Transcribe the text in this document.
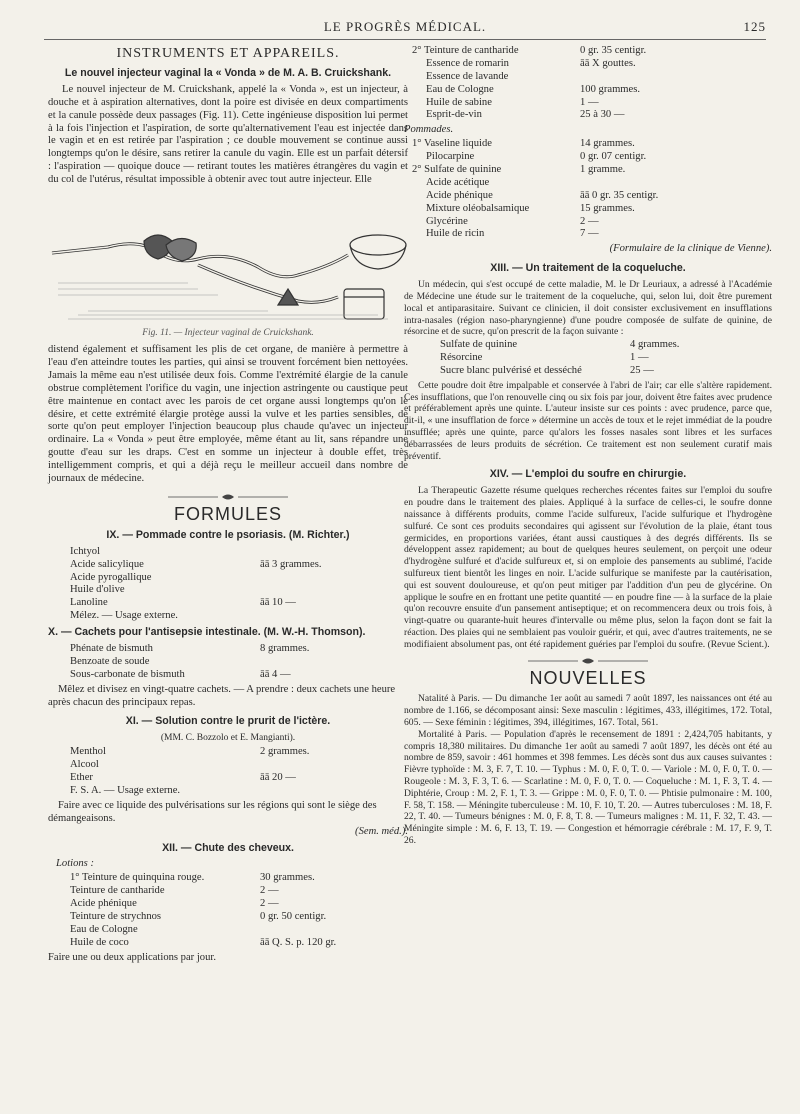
LE PROGRÈS MÉDICAL.	125
INSTRUMENTS ET APPAREILS.
Le nouvel injecteur vaginal la « Vonda » de M. A. B. Cruickshank.

Le nouvel injecteur de M. Cruickshank, appelé la « Vonda », est un injecteur, à douche et à aspiration alternatives, dont la poire est divisée en deux compartiments et la canule possède deux passages (Fig. 11). Cette ingénieuse disposition lui permet à la fois l'injection et l'aspiration, de sorte qu'alternativement l'eau est injectée dans le vagin et en est retirée par l'aspiration ; ce double mouvement se continue aussi longtemps qu'on le désire, sans retirer la canule du vagin. Elle est un parfait détersif : l'aspiration — quoique douce — retirant toutes les matières étrangères du vagin et du col de l'utérus, résultat impossible à obtenir avec tout autre injecteur. Elle

Fig. 11. — Injecteur vaginal de Cruickshank.

distend également et suffisament les plis de cet organe, de manière à permettre à l'eau d'en atteindre toutes les parties, qui ainsi se trouvent forcément bien nettoyées. Jamais la même eau n'est utilisée deux fois. Comme l'extrémité élargie de la canule obstrue complètement l'orifice du vagin, une injection astringente ou caustique peut être maintenue en contact avec les parois de cet organe aussi longtemps qu'on le désire, et cette extrémité élargie protège aussi la vulve et les parties sensibles, de sorte qu'on peut employer l'injection beaucoup plus chaude qu'avec un injecteur ordinaire. La « Vonda » peut être employée, même étant au lit, sans répandre une goutte d'eau sur les draps. C'est en somme un injecteur à double effet, très intelligemment compris, et qui a déjà reçu le meilleur accueil dans nombre de journaux de médecine.

FORMULES
IX. — Pommade contre le psoriasis. (M. Richter.)
Ichtyol
Acide salicylique	āā 3 grammes.
Acide pyrogallique
Huile d'olive
Lanoline	āā 10 —
Mélez. — Usage externe.
X. — Cachets pour l'antisepsie intestinale. (M. W.-H. Thomson).
Phénate de bismuth	8 grammes.
Benzoate de soude
Sous-carbonate de bismuth	āā 4 —

Mêlez et divisez en vingt-quatre cachets. — A prendre : deux cachets une heure après chacun des principaux repas.

XI. — Solution contre le prurit de l'ictère.
(MM. C. Bozzolo et E. Mangianti).
Menthol	2 grammes.
Alcool
Ether	āā 20 —
F. S. A. — Usage externe.

Faire avec ce liquide des pulvérisations sur les régions qui sont le siège des démangeaisons.

(Sem. méd.).
XII. — Chute des cheveux.
Lotions :
1° Teinture de quinquina rouge.	30 grammes.
Teinture de cantharide	2 —
Acide phénique	2 —
Teinture de strychnos	0 gr. 50 centigr.
Eau de Cologne
Huile de coco	āā Q. S. p. 120 gr.

Faire une ou deux applications par jour.

2° Teinture de cantharide	0 gr. 35 centigr.
Essence de romarin	āā X gouttes.
Essence de lavande
Eau de Cologne	100 grammes.
Huile de sabine	1 —
Esprit-de-vin	25 à 30 —
Pommades.
1° Vaseline liquide	14 grammes.
Pilocarpine	0 gr. 07 centigr.
2° Sulfate de quinine	1 gramme.
Acide acétique
Acide phénique	āā 0 gr. 35 centigr.
Mixture oléobalsamique	15 grammes.
Glycérine	2 —
Huile de ricin	7 —
(Formulaire de la clinique de Vienne).
XIII. — Un traitement de la coqueluche.

Un médecin, qui s'est occupé de cette maladie, M. le Dr Leuriaux, a adressé à l'Académie de Médecine une étude sur le traitement de la coqueluche, qui, selon lui, doit être purement local et antiparasitaire. Suivant ce clinicien, il doit consister exclusivement en insufflations intra-nasales (région naso-pharyngienne) d'une poudre composée de sulfate de quinine, de résorcine et de sucre, qu'on prescrit de la façon suivante :

Sulfate de quinine	4 grammes.
Résorcine	1 —
Sucre blanc pulvérisé et desséché	25 —

Cette poudre doit être impalpable et conservée à l'abri de l'air; car elle s'altère rapidement. Ces insufflations, que l'on renouvelle cinq ou six fois par jour, doivent être faites avec prudence et préférablement après une quinte. L'auteur insiste sur ces points : avec prudence, parce que, dit-il, « une insufflation de force » détermine un accès de toux et le rejet immédiat de la poudre insufflée; après une quinte, parce qu'alors les fosses nasales sont libres et les surfaces débarrassées de leurs produits de sécrétion. Ce traitement est non seulement curatif mais préventif.

XIV. — L'emploi du soufre en chirurgie.

La Therapeutic Gazette résume quelques recherches récentes faites sur l'emploi du soufre en poudre dans le traitement des plaies. Appliqué à la surface de celles-ci, le soufre donne naissance à différents produits, comme l'acide sulfureux, l'acide sulfurique et l'hydrogène sulfuré. Ce sont ces produits secondaires qui agissent sur l'évolution de la plaie, étant tous germicides, en proportions variées, étant aussi caustiques à des degrés différents. Ils se développent assez rapidement; au bout de quelques heures seulement, on perçoit une odeur d'hydrogène sulfuré et d'acide sulfureux et, si on emploie des pansements au sublimé, l'acide sulfureux tient bientôt les linges en noir. L'acide sulfurique se manifeste par la cautérisation, qui est souvent douloureuse, et qu'on peut mitiger par l'addition d'un peu de glycérine. On applique le soufre en en frottant une petite quantité — en poudre fine — à la surface de la plaie qu'on recouvre ensuite d'un pansement antiseptique; et on recommencera deux ou trois fois, à vingt-quatre ou quarante-huit heures d'intervalle ou même plus, selon la façon dont se fait la réaction. Des plaies qui ne semblaient pas vouloir guérir, et qui, avec d'autres traitements, ne se modifiaient absolument pas, ont été rapidement guéries par l'emploi du soufre. (Revue Scient.).

NOUVELLES

Natalité à Paris. — Du dimanche 1er août au samedi 7 août 1897, les naissances ont été au nombre de 1.166, se décomposant ainsi: Sexe masculin : légitimes, 433, illégitimes, 172. Total, 605. — Sexe féminin : légitimes, 394, illégitimes, 167. Total, 561.

Mortalité à Paris. — Population d'après le recensement de 1891 : 2,424,705 habitants, y compris 18,380 militaires. Du dimanche 1er août au samedi 7 août 1897, les décès ont été au nombre de 859, savoir : 461 hommes et 398 femmes. Les décès sont dus aux causes suivantes : Fièvre typhoïde : M. 3, F. 7, T. 10. — Typhus : M. 0, F. 0, T. 0. — Variole : M. 0, F. 0, T. 0. — Rougeole : M. 3, F. 3, T. 6. — Scarlatine : M. 0, F. 0, T. 0. — Coqueluche : M. 1, F. 3, T. 4. — Diphtérie, Croup : M. 2, F. 1, T. 3. — Grippe : M. 0, F. 0, T. 0. — Phtisie pulmonaire : M. 100, F. 58, T. 158. — Méningite tuberculeuse : M. 10, F. 10, T. 20. — Autres tuberculoses : M. 18, F. 22, T. 40. — Tumeurs bénignes : M. 0, F. 8, T. 8. — Tumeurs malignes : M. 11, F. 32, T. 43. — Méningite simple : M. 6, F. 13, T. 19. — Congestion et hémorragie cérébrale : M. 17, F. 9, T. 26.
